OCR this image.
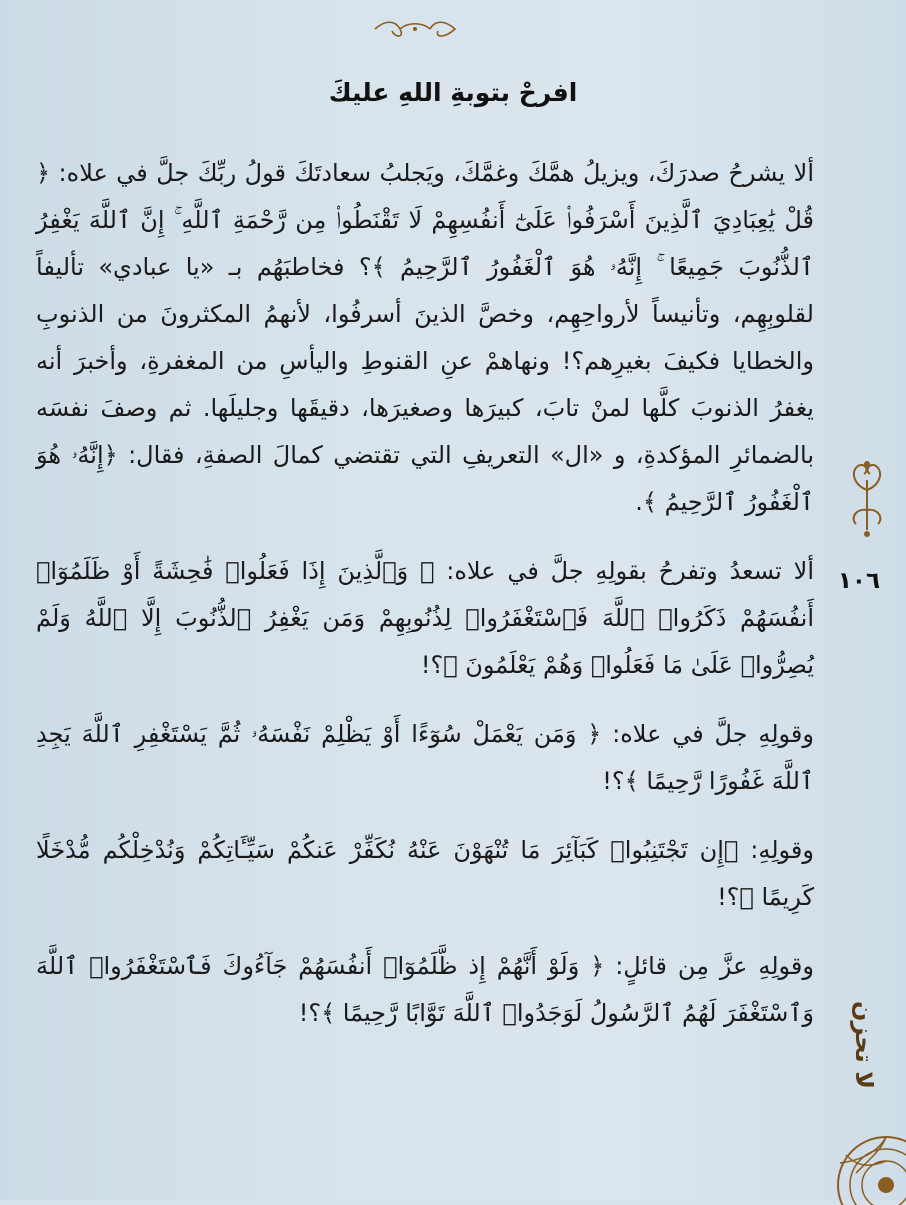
افرحْ بتوبةِ اللهِ عليكَ

ألا يشرحُ صدرَكَ، ويزيلُ همَّكَ وغمَّكَ، ويَجلبُ سعادتَكَ قولُ ربِّكَ جلَّ في علاه: ﴿ قُلْ يَٰعِبَادِيَ ٱلَّذِينَ أَسْرَفُوا۟ عَلَىٰٓ أَنفُسِهِمْ لَا تَقْنَطُوا۟ مِن رَّحْمَةِ ٱللَّهِ ۚ إِنَّ ٱللَّهَ يَغْفِرُ ٱلذُّنُوبَ جَمِيعًا ۚ إِنَّهُۥ هُوَ ٱلْغَفُورُ ٱلرَّحِيمُ ﴾؟ فخاطبَهُم بـ «يا عبادي» تأليفاً لقلوبِهِم، وتأنيساً لأرواحِهِم، وخصَّ الذينَ أسرفُوا، لأنهمُ المكثرونَ من الذنوبِ والخطايا فكيفَ بغيرِهم؟! ونهاهمْ عنِ القنوطِ واليأسِ من المغفرةِ، وأخبرَ أنه يغفرُ الذنوبَ كلَّها لمنْ تابَ، كبيرَها وصغيرَها، دقيقَها وجليلَها. ثم وصفَ نفسَه بالضمائرِ المؤكدةِ، و «ال» التعريفِ التي تقتضي كمالَ الصفةِ، فقال: ﴿إِنَّهُۥ هُوَ ٱلْغَفُورُ ٱلرَّحِيمُ ﴾.

ألا تسعدُ وتفرحُ بقولِهِ جلَّ في علاه: ﴿ وَٱلَّذِينَ إِذَا فَعَلُوا۟ فَٰحِشَةً أَوْ ظَلَمُوٓا۟ أَنفُسَهُمْ ذَكَرُوا۟ ٱللَّهَ فَٱسْتَغْفَرُوا۟ لِذُنُوبِهِمْ وَمَن يَغْفِرُ ٱلذُّنُوبَ إِلَّا ٱللَّهُ وَلَمْ يُصِرُّوا۟ عَلَىٰ مَا فَعَلُوا۟ وَهُمْ يَعْلَمُونَ ﴾؟!

وقولِهِ جلَّ في علاه: ﴿ وَمَن يَعْمَلْ سُوٓءًا أَوْ يَظْلِمْ نَفْسَهُۥ ثُمَّ يَسْتَغْفِرِ ٱللَّهَ يَجِدِ ٱللَّهَ غَفُورًا رَّحِيمًا ﴾؟!

وقولِهِ: ﴿إِن تَجْتَنِبُوا۟ كَبَآئِرَ مَا تُنْهَوْنَ عَنْهُ نُكَفِّرْ عَنكُمْ سَيِّـَٔاتِكُمْ وَنُدْخِلْكُم مُّدْخَلًا كَرِيمًا ﴾؟!

وقولِهِ عزَّ مِن قائلٍ: ﴿ وَلَوْ أَنَّهُمْ إِذ ظَّلَمُوٓا۟ أَنفُسَهُمْ جَآءُوكَ فَٱسْتَغْفَرُوا۟ ٱللَّهَ وَٱسْتَغْفَرَ لَهُمُ ٱلرَّسُولُ لَوَجَدُوا۟ ٱللَّهَ تَوَّابًا رَّحِيمًا ﴾؟!

١٠٦
لا تحزن
